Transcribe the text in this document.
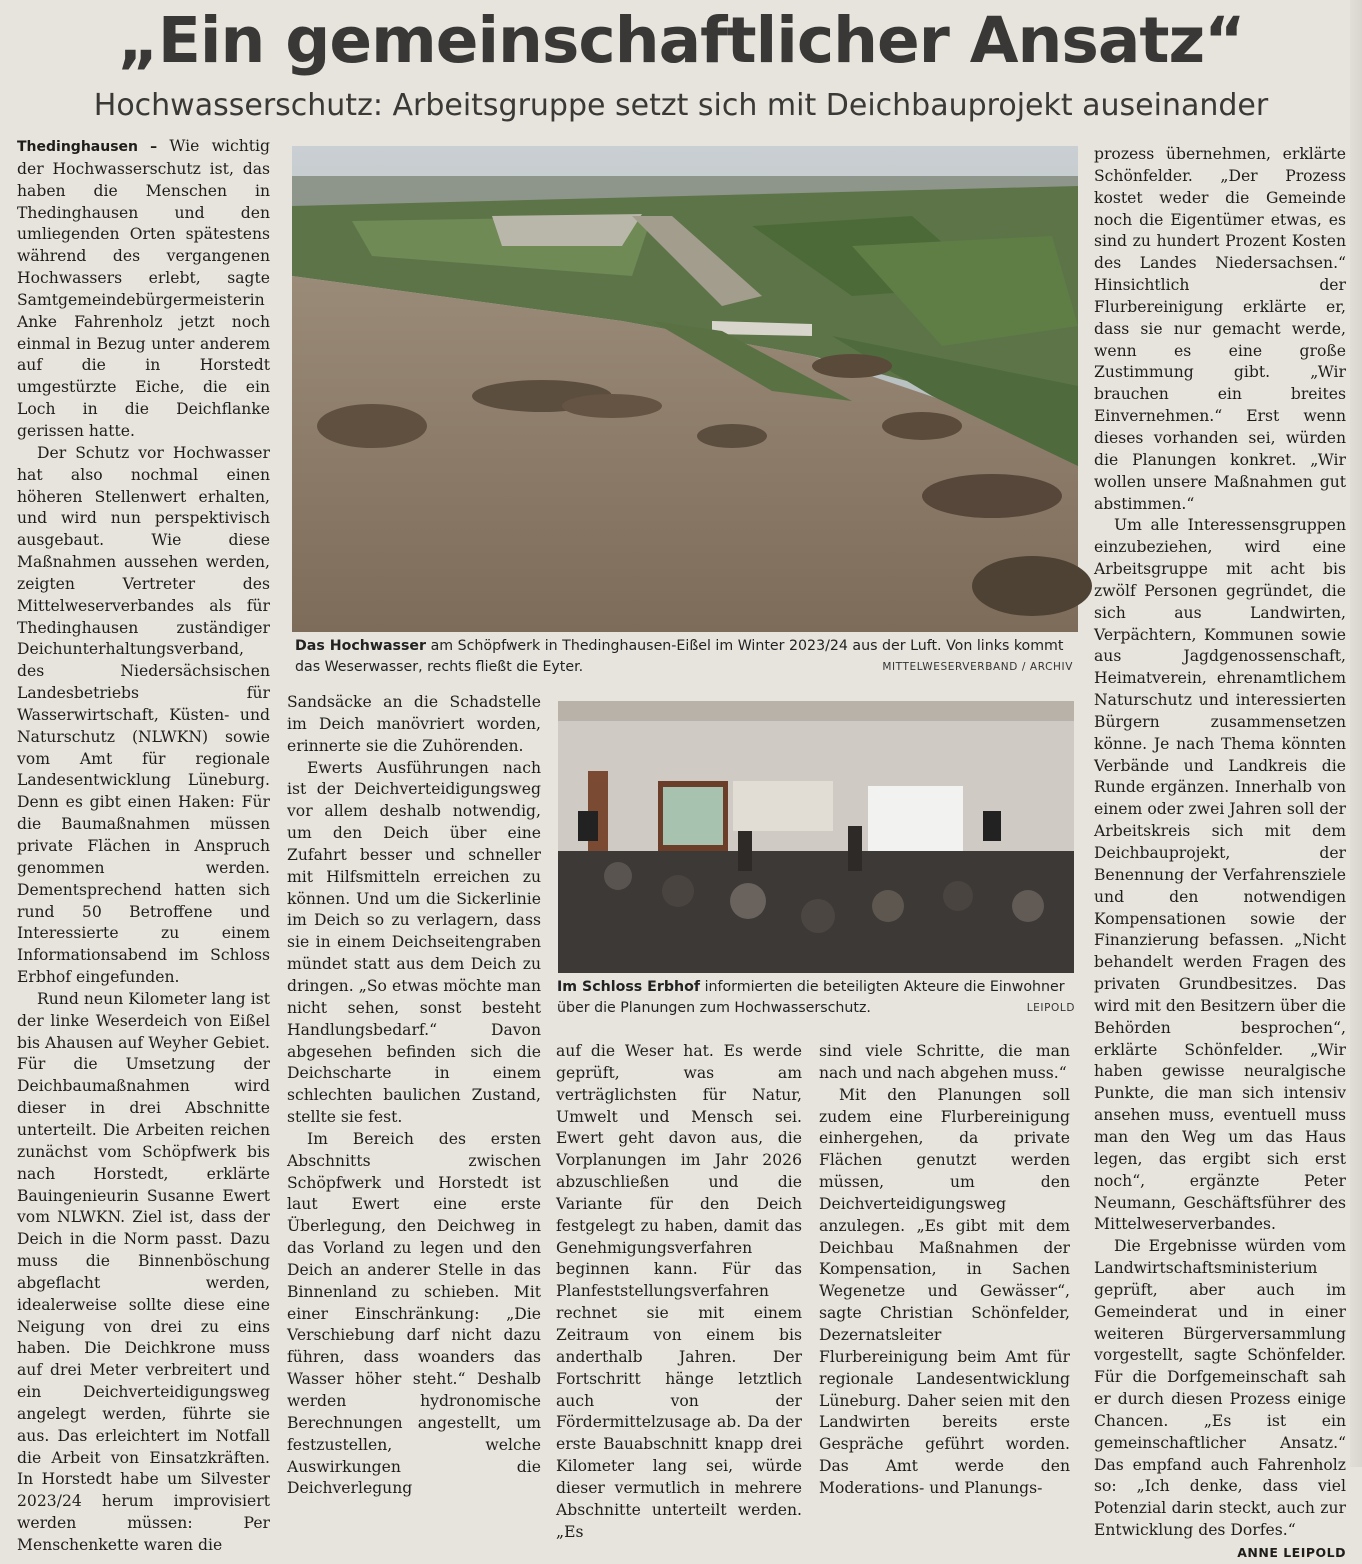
„Ein gemeinschaftlicher Ansatz“
Hochwasserschutz: Arbeitsgruppe setzt sich mit Deichbauprojekt auseinander

Thedinghausen – Wie wichtig der Hochwasserschutz ist, das haben die Menschen in Thedinghausen und den umliegenden Orten spätestens während des vergangenen Hochwassers erlebt, sagte Samtgemeindebürgermeisterin Anke Fahrenholz jetzt noch einmal in Bezug unter anderem auf die in Horstedt umgestürzte Eiche, die ein Loch in die Deichflanke gerissen hatte.

Der Schutz vor Hochwasser hat also nochmal einen höheren Stellenwert erhalten, und wird nun perspektivisch ausgebaut. Wie diese Maßnahmen aussehen werden, zeigten Vertreter des Mittelweserverbandes als für Thedinghausen zuständiger Deichunterhaltungsverband, des Niedersächsischen Landesbetriebs für Wasserwirtschaft, Küsten- und Naturschutz (NLWKN) sowie vom Amt für regionale Landesentwicklung Lüneburg. Denn es gibt einen Haken: Für die Baumaßnahmen müssen private Flächen in Anspruch genommen werden. Dementsprechend hatten sich rund 50 Betroffene und Interessierte zu einem Informationsabend im Schloss Erbhof eingefunden.

Rund neun Kilometer lang ist der linke Weserdeich von Eißel bis Ahausen auf Weyher Gebiet. Für die Umsetzung der Deichbaumaßnahmen wird dieser in drei Abschnitte unterteilt. Die Arbeiten reichen zunächst vom Schöpfwerk bis nach Horstedt, erklärte Bauingenieurin Susanne Ewert vom NLWKN. Ziel ist, dass der Deich in die Norm passt. Dazu muss die Binnenböschung abgeflacht werden, idealerweise sollte diese eine Neigung von drei zu eins haben. Die Deichkrone muss auf drei Meter verbreitert und ein Deichverteidigungsweg angelegt werden, führte sie aus. Das erleichtert im Notfall die Arbeit von Einsatzkräften. In Horstedt habe um Silvester 2023/24 herum improvisiert werden müssen: Per Menschenkette waren die

Das Hochwasser am Schöpfwerk in Thedinghausen-Eißel im Winter 2023/24 aus der Luft. Von links kommt das Weserwasser, rechts fließt die Eyter.	MITTELWESERVERBAND / ARCHIV

Sandsäcke an die Schadstelle im Deich manövriert worden, erinnerte sie die Zuhörenden.

Ewerts Ausführungen nach ist der Deichverteidigungsweg vor allem deshalb notwendig, um den Deich über eine Zufahrt besser und schneller mit Hilfsmitteln erreichen zu können. Und um die Sickerlinie im Deich so zu verlagern, dass sie in einem Deichseitengraben mündet statt aus dem Deich zu dringen. „So etwas möchte man nicht sehen, sonst besteht Handlungsbedarf.“ Davon abgesehen befinden sich die Deichscharte in einem schlechten baulichen Zustand, stellte sie fest.

Im Bereich des ersten Abschnitts zwischen Schöpfwerk und Horstedt ist laut Ewert eine erste Überlegung, den Deichweg in das Vorland zu legen und den Deich an anderer Stelle in das Binnenland zu schieben. Mit einer Einschränkung: „Die Verschiebung darf nicht dazu führen, dass woanders das Wasser höher steht.“ Deshalb werden hydronomische Berechnungen angestellt, um festzustellen, welche Auswirkungen die Deichverlegung

Im Schloss Erbhof informierten die beteiligten Akteure die Einwohner über die Planungen zum Hochwasserschutz.	LEIPOLD

auf die Weser hat. Es werde geprüft, was am verträglichsten für Natur, Umwelt und Mensch sei. Ewert geht davon aus, die Vorplanungen im Jahr 2026 abzuschließen und die Variante für den Deich festgelegt zu haben, damit das Genehmigungsverfahren beginnen kann. Für das Planfeststellungsverfahren rechnet sie mit einem Zeitraum von einem bis anderthalb Jahren. Der Fortschritt hänge letztlich auch von der Fördermittelzusage ab. Da der erste Bauabschnitt knapp drei Kilometer lang sei, würde dieser vermutlich in mehrere Abschnitte unterteilt werden. „Es

sind viele Schritte, die man nach und nach abgehen muss.“

Mit den Planungen soll zudem eine Flurbereinigung einhergehen, da private Flächen genutzt werden müssen, um den Deichverteidigungsweg anzulegen. „Es gibt mit dem Deichbau Maßnahmen der Kompensation, in Sachen Wegenetze und Gewässer“, sagte Christian Schönfelder, Dezernatsleiter Flurbereinigung beim Amt für regionale Landesentwicklung Lüneburg. Daher seien mit den Landwirten bereits erste Gespräche geführt worden. Das Amt werde den Moderations- und Planungs-

prozess übernehmen, erklärte Schönfelder. „Der Prozess kostet weder die Gemeinde noch die Eigentümer etwas, es sind zu hundert Prozent Kosten des Landes Niedersachsen.“ Hinsichtlich der Flurbereinigung erklärte er, dass sie nur gemacht werde, wenn es eine große Zustimmung gibt. „Wir brauchen ein breites Einvernehmen.“ Erst wenn dieses vorhanden sei, würden die Planungen konkret. „Wir wollen unsere Maßnahmen gut abstimmen.“

Um alle Interessensgruppen einzubeziehen, wird eine Arbeitsgruppe mit acht bis zwölf Personen gegründet, die sich aus Landwirten, Verpächtern, Kommunen sowie aus Jagdgenossenschaft, Heimatverein, ehrenamtlichem Naturschutz und interessierten Bürgern zusammensetzen könne. Je nach Thema könnten Verbände und Landkreis die Runde ergänzen. Innerhalb von einem oder zwei Jahren soll der Arbeitskreis sich mit dem Deichbauprojekt, der Benennung der Verfahrensziele und den notwendigen Kompensationen sowie der Finanzierung befassen. „Nicht behandelt werden Fragen des privaten Grundbesitzes. Das wird mit den Besitzern über die Behörden besprochen“, erklärte Schönfelder. „Wir haben gewisse neuralgische Punkte, die man sich intensiv ansehen muss, eventuell muss man den Weg um das Haus legen, das ergibt sich erst noch“, ergänzte Peter Neumann, Geschäftsführer des Mittelweserverbandes.

Die Ergebnisse würden vom Landwirtschaftsministerium geprüft, aber auch im Gemeinderat und in einer weiteren Bürgerversammlung vorgestellt, sagte Schönfelder. Für die Dorfgemeinschaft sah er durch diesen Prozess einige Chancen. „Es ist ein gemeinschaftlicher Ansatz.“ Das empfand auch Fahrenholz so: „Ich denke, dass viel Potenzial darin steckt, auch zur Entwicklung des Dorfes.“
ANNE LEIPOLD
